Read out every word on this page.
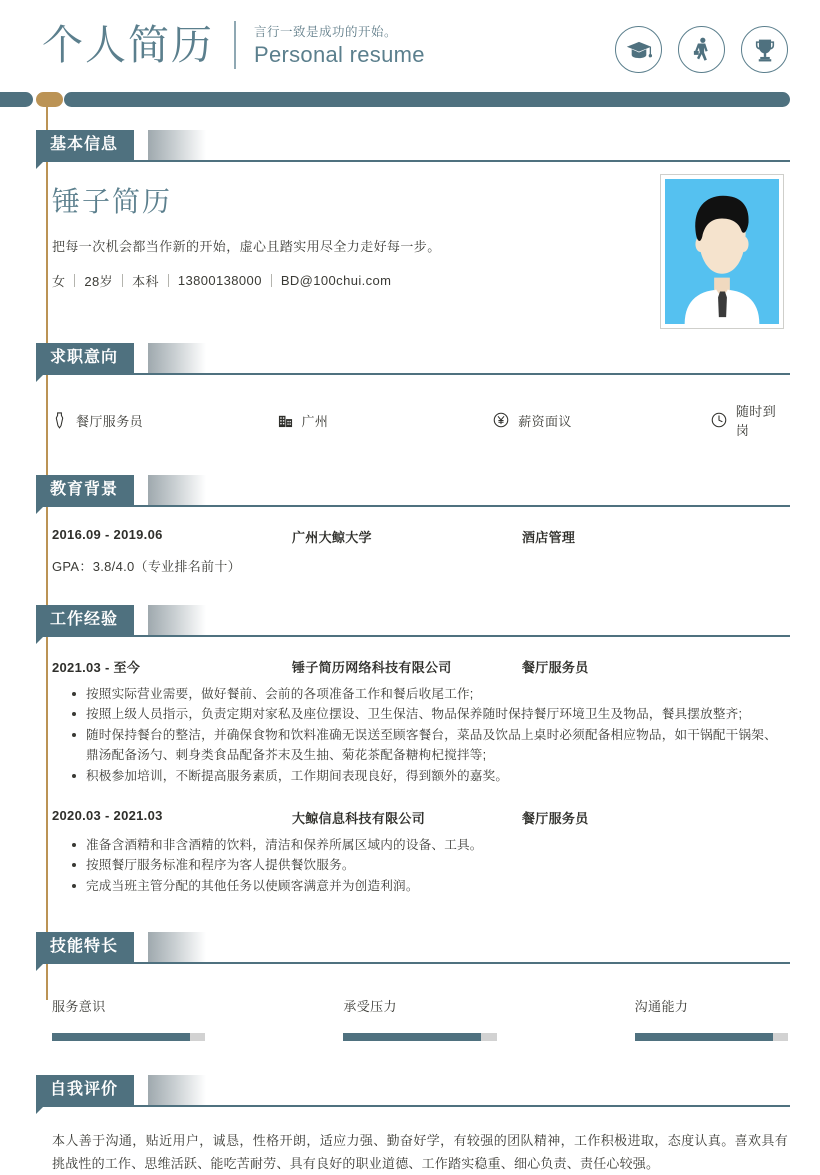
个人简历	言行一致是成功的开始。
Personal resume
基本信息
锤子简历
把每一次机会都当作新的开始，虚心且踏实用尽全力走好每一步。
女 28岁 本科 13800138000 BD@100chui.com
求职意向
餐厅服务员	广州	薪资面议
随时到岗
教育背景
2016.09 - 2019.06	广州大鲸大学	酒店管理
GPA：3.8/4.0（专业排名前十）
工作经验
2021.03 - 至今	锤子简历网络科技有限公司	餐厅服务员
按照实际营业需要，做好餐前、会前的各项准备工作和餐后收尾工作;
按照上级人员指示，负责定期对家私及座位摆设、卫生保洁、物品保养随时保持餐厅环境卫生及物品，餐具摆放整齐;
随时保持餐台的整洁，并确保食物和饮料准确无误送至顾客餐台，菜品及饮品上桌时必须配备相应物品，如干锅配干锅架、鼎汤配备汤勺、刺身类食品配备芥末及生抽、菊花茶配备糖枸杞搅拌等;
积极参加培训，不断提高服务素质，工作期间表现良好，得到额外的嘉奖。
2020.03 - 2021.03	大鲸信息科技有限公司	餐厅服务员
准备含酒精和非含酒精的饮料，清洁和保养所属区域内的设备、工具。
按照餐厅服务标准和程序为客人提供餐饮服务。
完成当班主管分配的其他任务以使顾客满意并为创造利润。
技能特长
服务意识	承受压力	沟通能力
自我评价
本人善于沟通，贴近用户，诚恳，性格开朗，适应力强、勤奋好学，有较强的团队精神，工作积极进取，态度认真。喜欢具有挑战性的工作、思维活跃、能吃苦耐劳、具有良好的职业道德、工作踏实稳重、细心负责、责任心较强。
